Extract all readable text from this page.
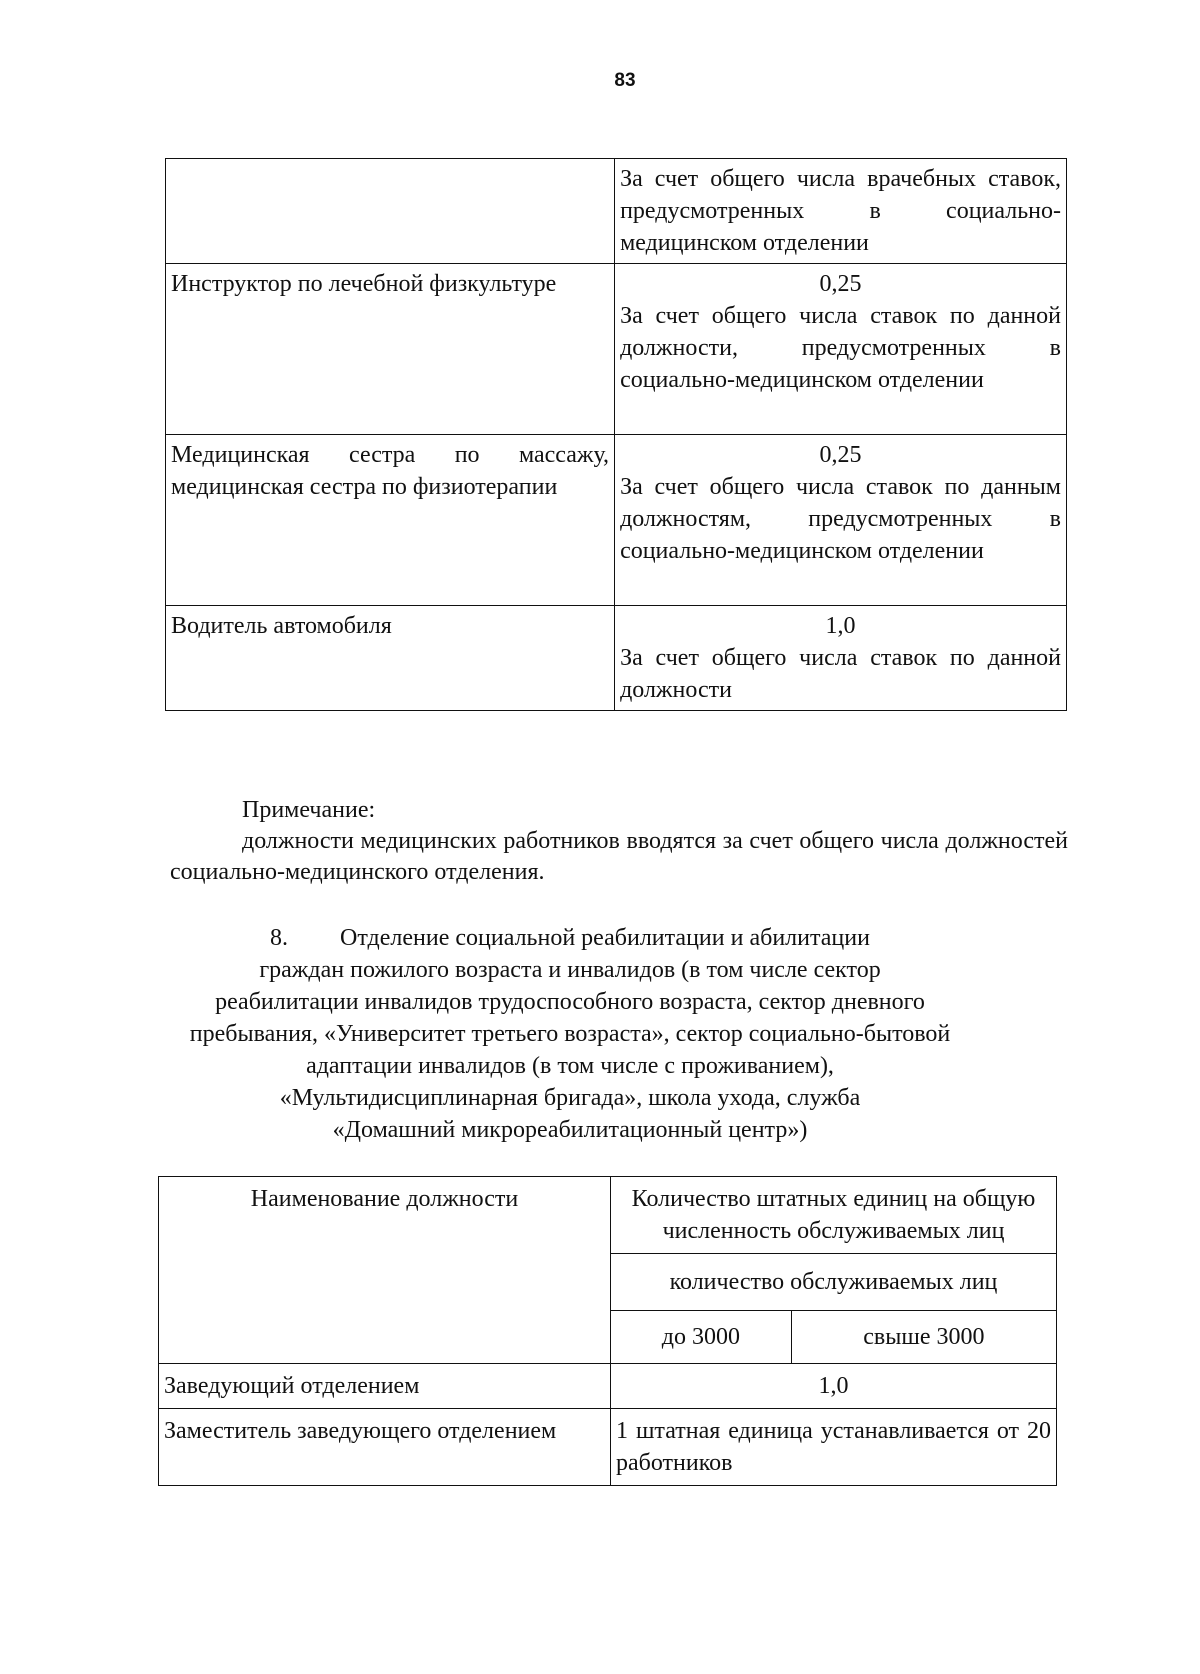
83

	За счет общего числа врачебных ставок, предусмотренных в социально-медицинском отделении

Инструктор по лечебной физкультуре	0,25
За счет общего числа ставок по данной должности, предусмотренных в социально-медицинском отделении

Медицинская сестра по массажу, медицинская сестра по физиотерапии	0,25
За счет общего числа ставок по данным должностям, предусмотренных в социально-медицинском отделении

Водитель автомобиля	1,0
За счет общего числа ставок по данной должности
Примечание:
должности медицинских работников вводятся за счет общего числа должностей социально-медицинского отделения.
8. Отделение социальной реабилитации и абилитации
граждан пожилого возраста и инвалидов (в том числе сектор
реабилитации инвалидов трудоспособного возраста, сектор дневного
пребывания, «Университет третьего возраста», сектор социально-бытовой
адаптации инвалидов (в том числе с проживанием),
«Мультидисциплинарная бригада», школа ухода, служба
«Домашний микрореабилитационный центр»)
Наименование должности	Количество штатных единиц на общую численность обслуживаемых лиц	
	количество обслуживаемых лиц	
	до 3000	свыше 3000
Заведующий отделением	1,0	
Заместитель заведующего отделением	1 штатная единица устанавливается от 20 работников	
